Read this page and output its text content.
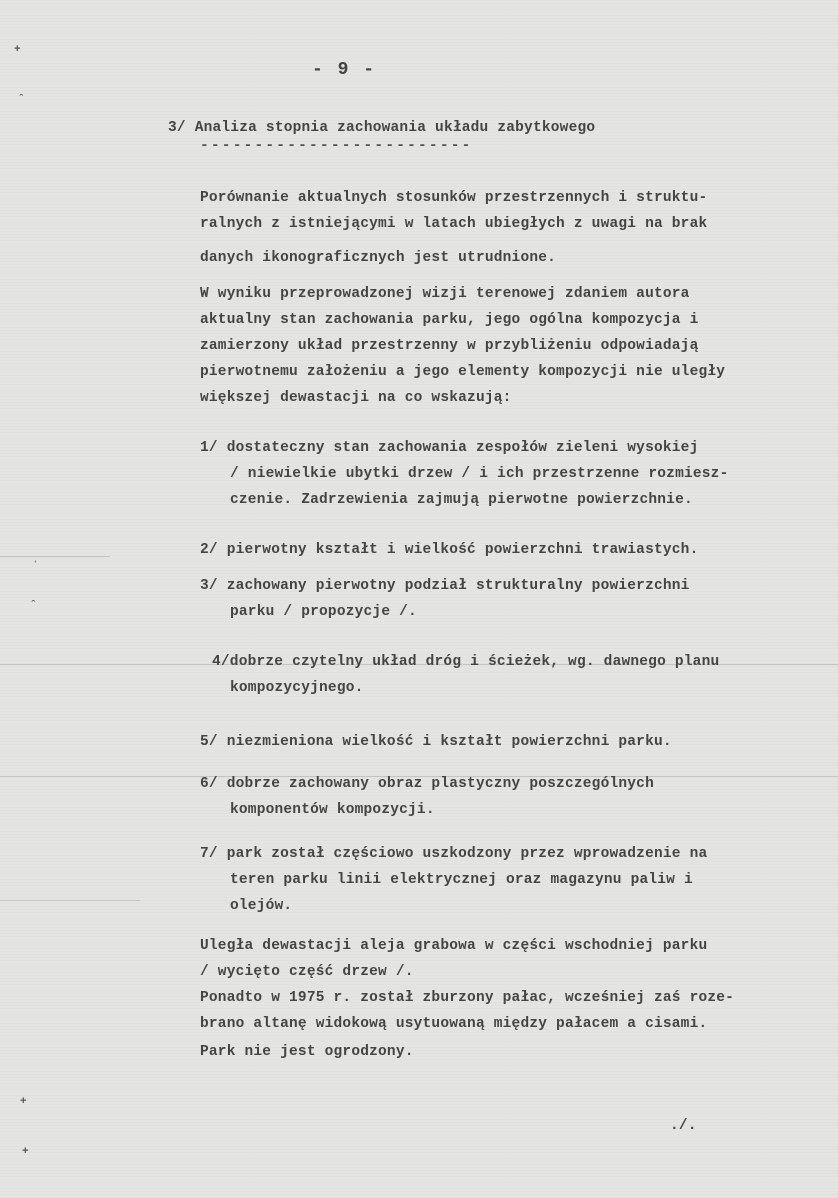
+
ˆ
ˌ
ˆ
+
+
- 9 -
3/ Analiza stopnia zachowania układu zabytkowego
-------------------------
Porównanie aktualnych stosunków przestrzennych i struktu-
ralnych z istniejącymi w latach ubiegłych z uwagi na brak
danych ikonograficznych jest utrudnione.
W wyniku przeprowadzonej wizji terenowej zdaniem autora
aktualny stan zachowania parku, jego ogólna kompozycja i
zamierzony układ przestrzenny w przybliżeniu odpowiadają
pierwotnemu założeniu a jego elementy kompozycji nie uległy
większej dewastacji na co wskazują:
1/ dostateczny stan zachowania zespołów zieleni wysokiej
/ niewielkie ubytki drzew / i ich przestrzenne rozmiesz-
czenie. Zadrzewienia zajmują pierwotne powierzchnie.
2/ pierwotny kształt i wielkość powierzchni trawiastych.
3/ zachowany pierwotny podział strukturalny powierzchni
parku / propozycje /.
4/dobrze czytelny układ dróg i ścieżek, wg. dawnego planu
kompozycyjnego.
5/ niezmieniona wielkość i kształt powierzchni parku.
6/ dobrze zachowany obraz plastyczny poszczególnych
komponentów kompozycji.
7/ park został częściowo uszkodzony przez wprowadzenie na
teren parku linii elektrycznej oraz magazynu paliw i
olejów.
Uległa dewastacji aleja grabowa w części wschodniej parku
/ wycięto część drzew /.
Ponadto w 1975 r. został zburzony pałac, wcześniej zaś rozе-
brano altanę widokową usytuowaną między pałacem a cisami.
Park nie jest ogrodzony.
./.
